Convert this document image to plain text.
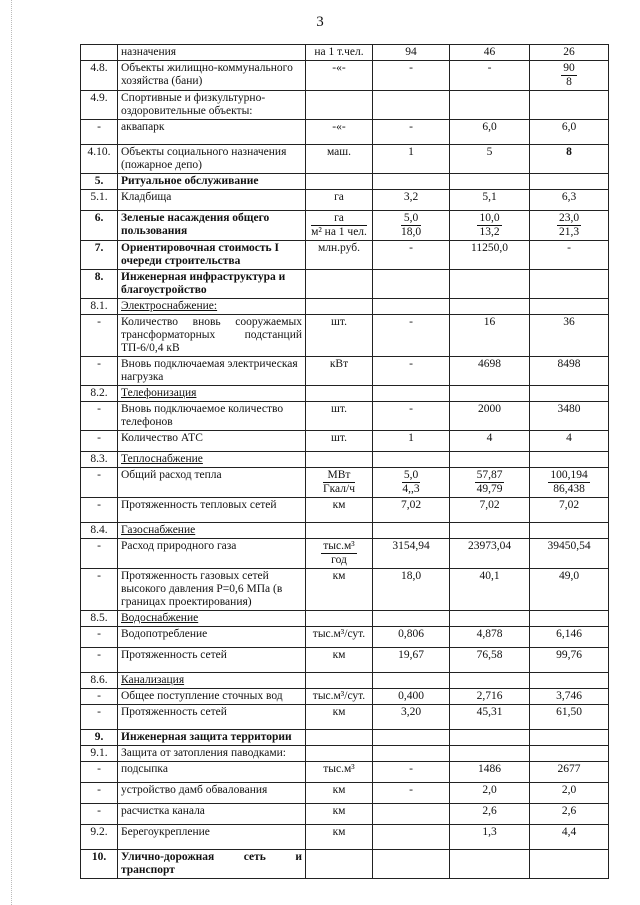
3
	назначения	на 1 т.чел.	94	46	26
4.8.	Объекты жилищно-коммунального хозяйства (бани)	-«-	-	-	$\frac{90}{8}$

4.9.	Спортивные и физкультурно-оздоровительные объекты:				
-	аквапарк	-«-	-	6,0	6,0
4.10.	Объекты социального назначения (пожарное депо)	маш.	1	5	8
5.	Ритуальное обслуживание				
5.1.	Кладбища	га	3,2	5,1	6,3
6.	Зеленые насаждения общего пользования	$\frac{га}{\text{м² на 1 чел.}}$	$\frac{5,0}{18,0}$	$\frac{10,0}{13,2}$	$\frac{23,0}{21,3}$

7.	Ориентировочная стоимость I очереди строительства	млн.руб.	-	11250,0	-
8.	Инженерная инфраструктура и благоустройство				
8.1.	Электроснабжение:				
-	Количество вновь сооружаемых трансформаторных подстанций ТП-6/0,4 кВ	шт.	-	16	36
-	Вновь подключаемая электрическая нагрузка	кВт	-	4698	8498
8.2.	Телефонизация				
-	Вновь подключаемое количество телефонов	шт.	-	2000	3480
-	Количество АТС	шт.	1	4	4
8.3.	Теплоснабжение				
-	Общий расход тепла	$\frac{\text{МВт}}{\text{Гкал/ч}}$	$\frac{5,0}{4,,3}$	$\frac{57,87}{49,79}$	$\frac{100,194}{86,438}$

-	Протяженность тепловых сетей	км	7,02	7,02	7,02
8.4.	Газоснабжение				
-	Расход природного газа	$\frac{\text{тыс.м³}}{\text{год}}$	3154,94	23973,04	39450,54
-	Протяженность газовых сетей высокого давления Р=0,6 МПа (в границах проектирования)	км	18,0	40,1	49,0
8.5.	Водоснабжение				
-	Водопотребление	тыс.м³/сут.	0,806	4,878	6,146
-	Протяженность сетей	км	19,67	76,58	99,76
8.6.	Канализация				
-	Общее поступление сточных вод	тыс.м³/сут.	0,400	2,716	3,746
-	Протяженность сетей	км	3,20	45,31	61,50
9.	Инженерная защита территории				
9.1.	Защита от затопления паводками:				
-	подсыпка	тыс.м³	-	1486	2677
-	устройство дамб обвалования	км	-	2,0	2,0
-	расчистка канала	км		2,6	2,6
9.2.	Берегоукрепление	км		1,3	4,4
10.	Улично-дорожная сеть и транспорт				
